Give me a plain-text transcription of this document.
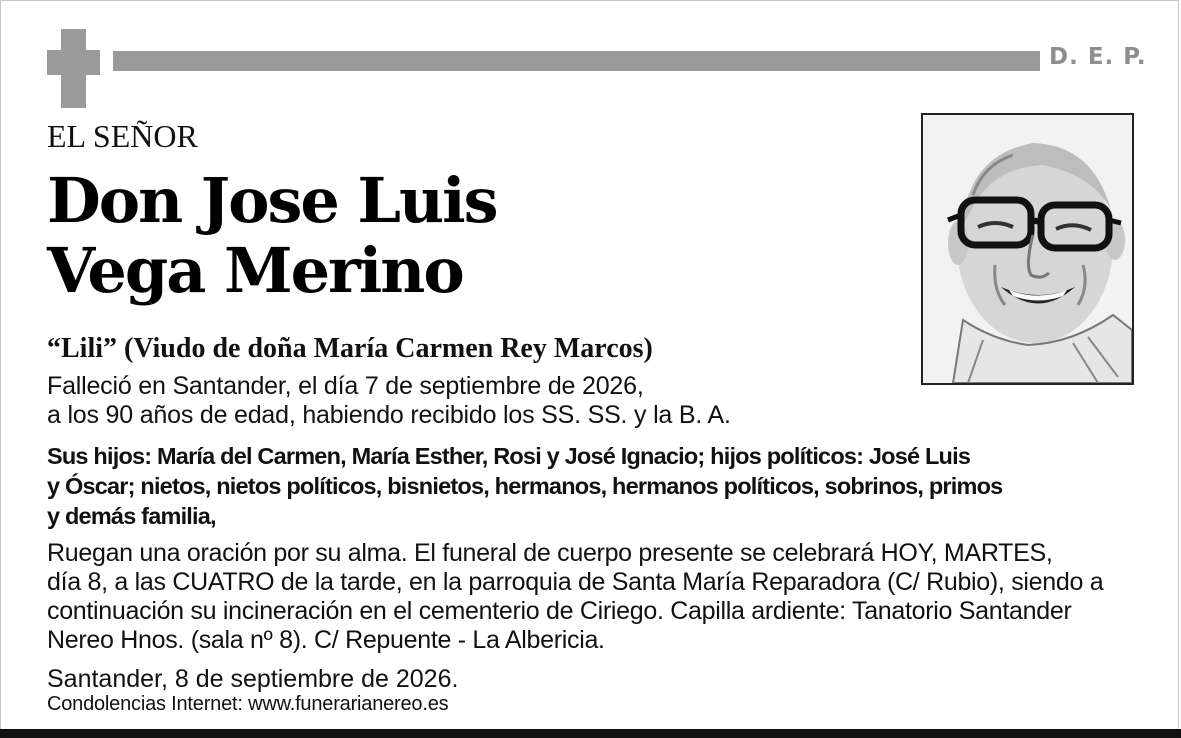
D. E. P.
EL SEÑOR
Don Jose Luis
Vega Merino
“Lili” (Viudo de doña María Carmen Rey Marcos)
Falleció en Santander, el día 7 de septiembre de 2026,
a los 90 años de edad, habiendo recibido los SS. SS. y la B. A.
Sus hijos: María del Carmen, María Esther, Rosi y José Ignacio; hijos políticos: José Luis
y Óscar; nietos, nietos políticos, bisnietos, hermanos, hermanos políticos, sobrinos, primos
y demás familia,
Ruegan una oración por su alma. El funeral de cuerpo presente se celebrará HOY, MARTES,
día 8, a las CUATRO de la tarde, en la parroquia de Santa María Reparadora (C/ Rubio), siendo a
continuación su incineración en el cementerio de Ciriego. Capilla ardiente: Tanatorio Santander
Nereo Hnos. (sala nº 8). C/ Repuente - La Albericia.
Santander, 8 de septiembre de 2026.
Condolencias Internet: www.funerarianereo.es
